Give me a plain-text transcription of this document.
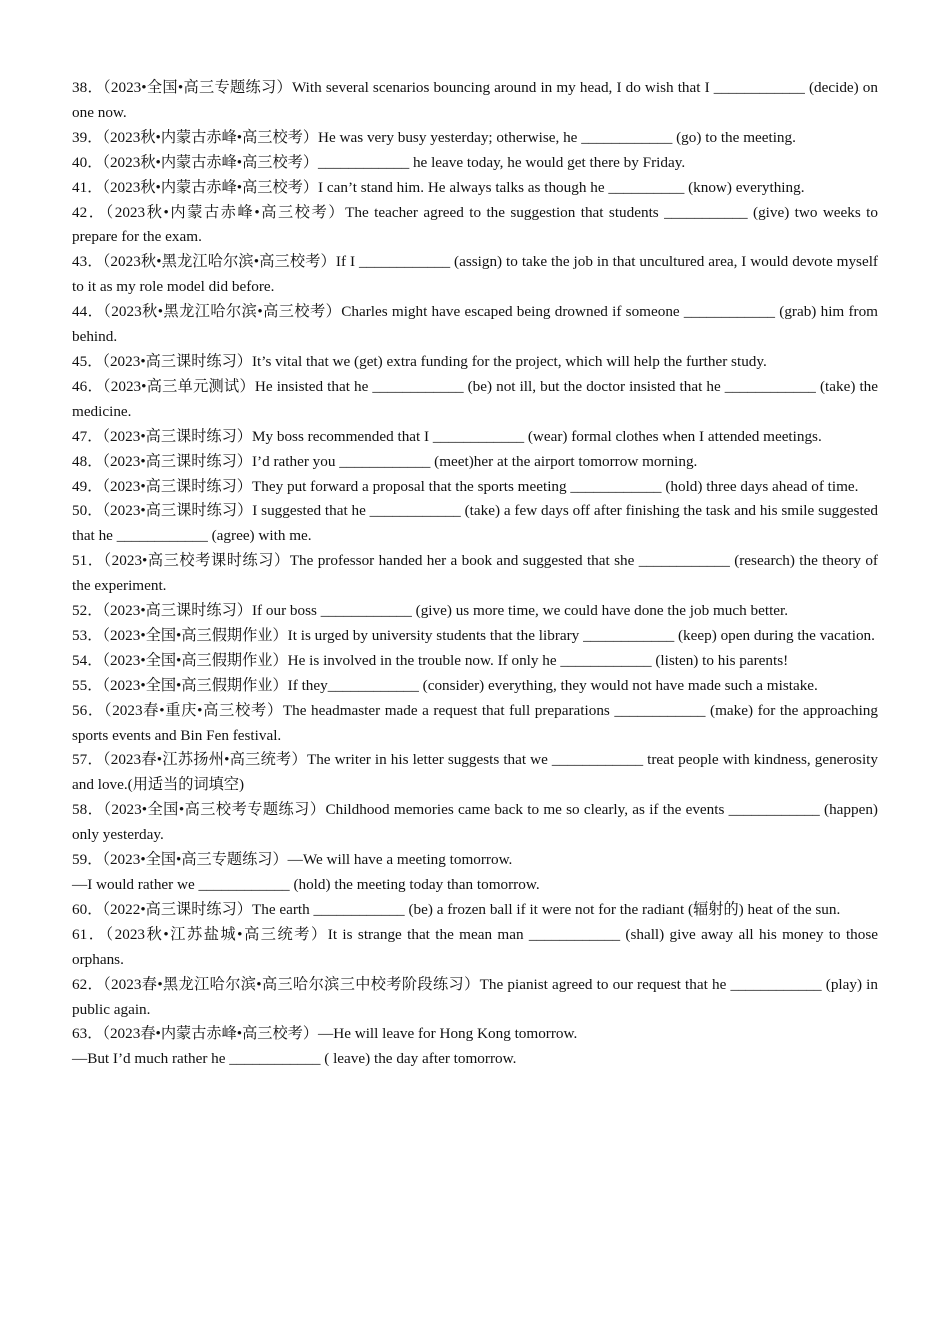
38．（2023•全国•高三专题练习）With several scenarios bouncing around in my head, I do wish that I ____________ (decide) on one now.

39．（2023秋•内蒙古赤峰•高三校考）He was very busy yesterday; otherwise, he ____________ (go) to the meeting.

40．（2023秋•内蒙古赤峰•高三校考）____________ he leave today, he would get there by Friday.

41．（2023秋•内蒙古赤峰•高三校考）I can’t stand him. He always talks as though he __________ (know) everything.

42．（2023秋•内蒙古赤峰•高三校考）The teacher agreed to the suggestion that students ___________ (give) two weeks to prepare for the exam.

43．（2023秋•黑龙江哈尔滨•高三校考）If I ____________ (assign) to take the job in that uncultured area, I would devote myself to it as my role model did before.

44．（2023秋•黑龙江哈尔滨•高三校考）Charles might have escaped being drowned if someone ____________ (grab) him from behind.

45．（2023•高三课时练习）It’s vital that we (get) extra funding for the project, which will help the further study.

46．（2023•高三单元测试）He insisted that he ____________ (be) not ill, but the doctor insisted that he ____________ (take) the medicine.

47．（2023•高三课时练习）My boss recommended that I ____________ (wear) formal clothes when I attended meetings.

48．（2023•高三课时练习）I’d rather you ____________ (meet)her at the airport tomorrow morning.

49．（2023•高三课时练习）They put forward a proposal that the sports meeting ____________ (hold) three days ahead of time.

50．（2023•高三课时练习）I suggested that he ____________ (take) a few days off after finishing the task and his smile suggested that he ____________ (agree) with me.

51．（2023•高三校考课时练习）The professor handed her a book and suggested that she ____________ (research) the theory of the experiment.

52．（2023•高三课时练习）If our boss ____________ (give) us more time, we could have done the job much better.

53．（2023•全国•高三假期作业）It is urged by university students that the library ____________ (keep) open during the vacation.

54．（2023•全国•高三假期作业）He is involved in the trouble now. If only he ____________ (listen) to his parents!

55．（2023•全国•高三假期作业）If they____________ (consider) everything, they would not have made such a mistake.

56．（2023春•重庆•高三校考）The headmaster made a request that full preparations ____________ (make) for the approaching sports events and Bin Fen festival.

57．（2023春•江苏扬州•高三统考）The writer in his letter suggests that we ____________ treat people with kindness, generosity and love.(用适当的词填空)

58．（2023•全国•高三校考专题练习）Childhood memories came back to me so clearly, as if the events ____________ (happen) only yesterday.

59．（2023•全国•高三专题练习）—We will have a meeting tomorrow.
—I would rather we ____________ (hold) the meeting today than tomorrow.

60．（2022•高三课时练习）The earth ____________ (be) a frozen ball if it were not for the radiant (辐射的) heat of the sun.

61．（2023秋•江苏盐城•高三统考）It is strange that the mean man ____________ (shall) give away all his money to those orphans.

62．（2023春•黑龙江哈尔滨•高三哈尔滨三中校考阶段练习）The pianist agreed to our request that he ____________ (play) in public again.

63．（2023春•内蒙古赤峰•高三校考）—He will leave for Hong Kong tomorrow.
—But I’d much rather he ____________ ( leave) the day after tomorrow.
